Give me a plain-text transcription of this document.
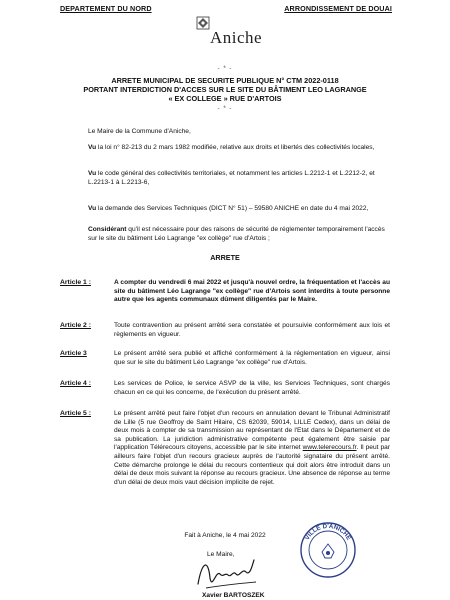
DEPARTEMENT DU NORD	ARRONDISSEMENT DE DOUAI
Aniche
- * -
ARRETE MUNICIPAL DE SECURITE PUBLIQUE N° CTM 2022-0118
PORTANT INTERDICTION D'ACCES SUR LE SITE DU BÂTIMENT LEO LAGRANGE
« EX COLLEGE » RUE D'ARTOIS
- * -
Le Maire de la Commune d'Aniche,
Vu la loi n° 82-213 du 2 mars 1982 modifiée, relative aux droits et libertés des collectivités locales,
Vu le code général des collectivités territoriales, et notamment les articles L.2212-1 et L.2212-2, et L.2213-1 à L.2213-6,
Vu la demande des Services Techniques (DICT N° 51) – 59580 ANICHE en date du 4 mai 2022,
Considérant qu'il est nécessaire pour des raisons de sécurité de réglementer temporairement l'accès sur le site du bâtiment Léo Lagrange "ex collège" rue d'Artois ;
ARRETE
Article 1 :	A compter du vendredi 6 mai 2022 et jusqu'à nouvel ordre, la fréquentation et l'accès au site du bâtiment Léo Lagrange "ex collège" rue d'Artois sont interdits à toute personne autre que les agents communaux dûment diligentés par le Maire.
Article 2 :	Toute contravention au présent arrêté sera constatée et poursuivie conformément aux lois et règlements en vigueur.
Article 3	Le présent arrêté sera publié et affiché conformément à la réglementation en vigueur, ainsi que sur le site du bâtiment Léo Lagrange "ex collège" rue d'Artois.
Article 4 :	Les services de Police, le service ASVP de la ville, les Services Techniques, sont chargés chacun en ce qui les concerne, de l'exécution du présent arrêté.
Article 5 :	Le présent arrêté peut faire l'objet d'un recours en annulation devant le Tribunal Administratif de Lille (5 rue Geoffroy de Saint Hilaire, CS 62039, 59014, LILLE Cedex), dans un délai de deux mois à compter de sa transmission au représentant de l'Etat dans le Département et de sa publication. La juridiction administrative compétente peut également être saisie par l'application Télérecours citoyens, accessible par le site internet www.telerecours.fr. Il peut par ailleurs faire l'objet d'un recours gracieux auprès de l'autorité signataire du présent arrêté. Cette démarche prolonge le délai du recours contentieux qui doit alors être introduit dans un délai de deux mois suivant la réponse au recours gracieux. Une absence de réponse au terme d'un délai de deux mois vaut décision implicite de rejet.
Fait à Aniche, le 4 mai 2022
Le Maire,
VILLE D'ANICHE
Xavier BARTOSZEK
